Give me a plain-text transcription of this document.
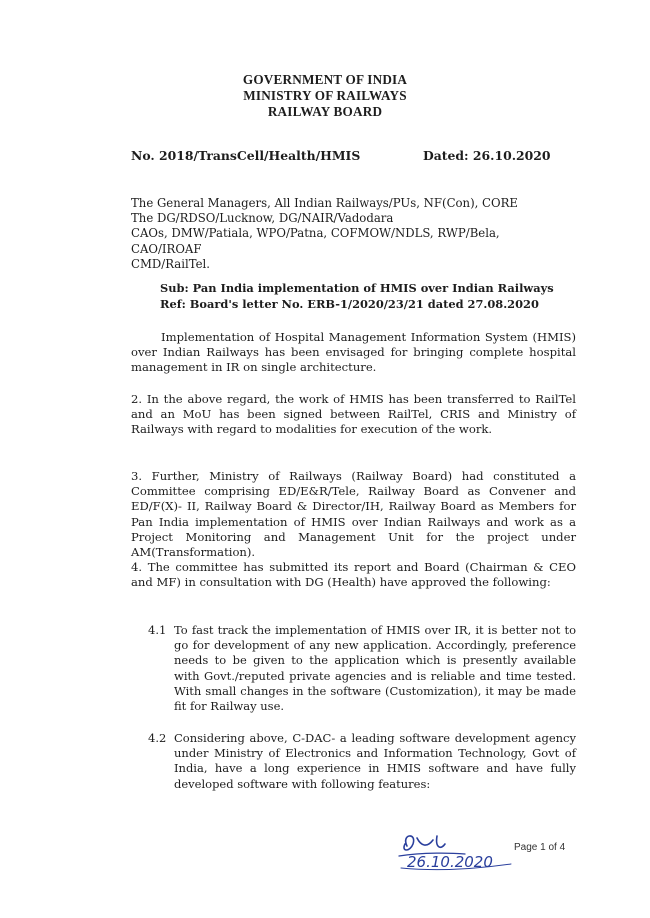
GOVERNMENT OF INDIA
MINISTRY OF RAILWAYS
RAILWAY BOARD
No. 2018/TransCell/Health/HMIS	Dated: 26.10.2020
The General Managers, All Indian Railways/PUs, NF(Con), CORE
The DG/RDSO/Lucknow, DG/NAIR/Vadodara
CAOs, DMW/Patiala, WPO/Patna, COFMOW/NDLS, RWP/Bela,
CAO/IROAF
CMD/RailTel.
Sub: Pan India implementation of HMIS over Indian Railways
Ref: Board's letter No. ERB-1/2020/23/21 dated 27.08.2020
Implementation of Hospital Management Information System (HMIS) over Indian Railways has been envisaged for bringing complete hospital management in IR on single architecture.
2. In the above regard, the work of HMIS has been transferred to RailTel and an MoU has been signed between RailTel, CRIS and Ministry of Railways with regard to modalities for execution of the work.
3. Further, Ministry of Railways (Railway Board) had constituted a Committee comprising ED/E&R/Tele, Railway Board as Convener and ED/F(X)- II, Railway Board & Director/IH, Railway Board as Members for Pan India implementation of HMIS over Indian Railways and work as a Project Monitoring and Management Unit for the project under AM(Transformation).
4. The committee has submitted its report and Board (Chairman & CEO and MF) in consultation with DG (Health) have approved the following:
4.1 To fast track the implementation of HMIS over IR, it is better not to go for development of any new application. Accordingly, preference needs to be given to the application which is presently available with Govt./reputed private agencies and is reliable and time tested. With small changes in the software (Customization), it may be made fit for Railway use.
4.2 Considering above, C-DAC- a leading software development agency under Ministry of Electronics and Information Technology, Govt of India, have a long experience in HMIS software and have fully developed software with following features:
26.10.2020
Page 1 of 4
